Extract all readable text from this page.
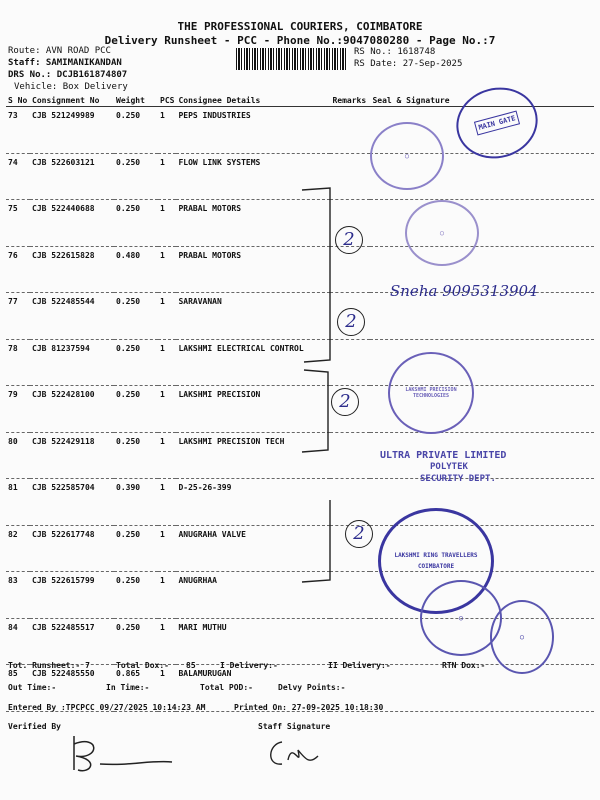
THE PROFESSIONAL COURIERS, COIMBATORE
Delivery Runsheet - PCC - Phone No.:9047080280 - Page No.:7
Route: AVN ROAD PCC
Staff: SAMIMANIKANDAN
DRS No.: DCJB161874807
Vehicle: Box Delivery
RS No.: 1618748
RS Date: 27-Sep-2025
S No	Consignment No	Weight	PCS	Consignee Details	Remarks	Seal & Signature
73	CJB 521249989	0.250	1	PEPS INDUSTRIES		
74	CJB 522603121	0.250	1	FLOW LINK SYSTEMS		
75	CJB 522440688	0.250	1	PRABAL MOTORS		
76	CJB 522615828	0.480	1	PRABAL MOTORS		
77	CJB 522485544	0.250	1	SARAVANAN		
78	CJB 81237594	0.250	1	LAKSHMI ELECTRICAL CONTROL		
79	CJB 522428100	0.250	1	LAKSHMI PRECISION		
80	CJB 522429118	0.250	1	LAKSHMI PRECISION TECH		
81	CJB 522585704	0.390	1	D-25-26-399		
82	CJB 522617748	0.250	1	ANUGRAHA VALVE		
83	CJB 522615799	0.250	1	ANUGRHAA		
84	CJB 522485517	0.250	1	MARI MUTHU		
85	CJB 522485550	0.865	1	BALAMURUGAN		
2
2
2
2
MAIN GATE
○
○
Sneha 9095313904
LAKSHMI PRECISION TECHNOLOGIES
ULTRA PRIVATE LIMITED
POLYTEK
SECURITY DEPT.
LAKSHMI RING TRAVELLERS
COIMBATORE
○
○
Tot. Runsheet:- 7	Total Dox:- 85	I Delivery:-	II Delivery:-	RTN Dox:-
Out Time:-	In Time:-	Total POD:-	Delvy Points:-
Entered By :TPCPCC 09/27/2025 10:14:23 AM	Printed On: 27-09-2025 10:18:30
Verified By	Staff Signature
